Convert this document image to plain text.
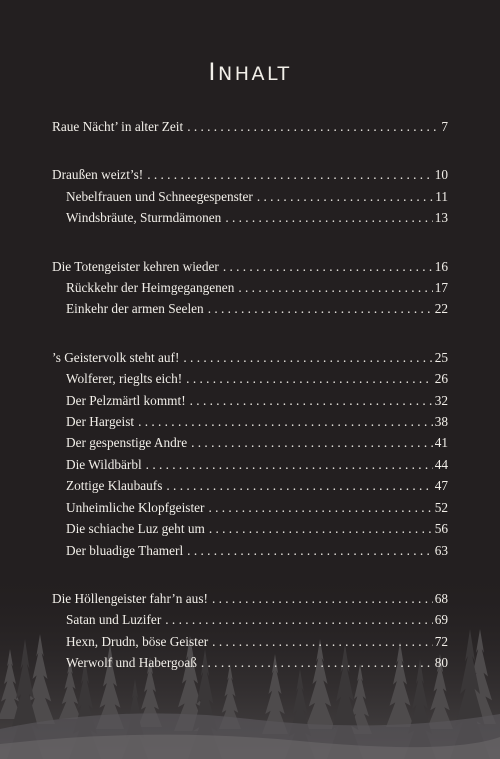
INHALT
Raue Nächt’ in alter Zeit . . .	7
Draußen weizt’s! . . .	10
Nebelfrauen und Schneegespenster . . .	11
Windsbräute, Sturmdämonen . . .	13
Die Totengeister kehren wieder . . .	16
Rückkehr der Heimgegangenen . . .	17
Einkehr der armen Seelen . . .	22
’s Geistervolk steht auf! . . .	25
Wolferer, rieglts eich! . . .	26
Der Pelzmärtl kommt! . . .	32
Der Hargeist . . .	38
Der gespenstige Andre . . .	41
Die Wildbärbl . . .	44
Zottige Klaubaufs . . .	47
Unheimliche Klopfgeister . . .	52
Die schiache Luz geht um . . .	56
Der bluadige Thamerl . . .	63
Die Höllengeister fahr’n aus! . . .	68
Satan und Luzifer . . .	69
Hexn, Drudn, böse Geister . . .	72
Werwolf und Habergoaß . . .	80
